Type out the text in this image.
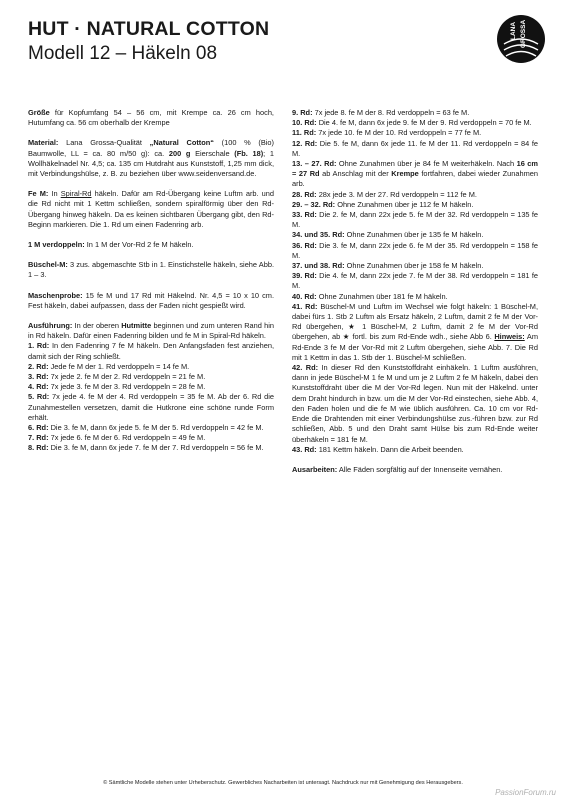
HUT · NATURAL COTTON
Modell 12 – Häkeln 08
LANA GROSSA

Größe für Kopfumfang 54 – 56 cm, mit Krempe ca. 26 cm hoch, Hutumfang ca. 56 cm oberhalb der Krempe

Material: Lana Grossa-Qualität „Natural Cotton“ (100 % (Bio) Baumwolle, LL = ca. 80 m/50 g): ca. 200 g Eierschale (Fb. 18); 1 Wollhäkelnadel Nr. 4,5; ca. 135 cm Hutdraht aus Kunststoff, 1,25 mm dick, mit Verbindungshülse, z. B. zu beziehen über www.seidenversand.de.

Fe M: In Spiral-Rd häkeln. Dafür am Rd-Übergang keine Luftm arb. und die Rd nicht mit 1 Kettm schließen, sondern spiralförmig über den Rd-Übergang hinweg häkeln. Da es keinen sichtbaren Übergang gibt, den Rd-Beginn markieren. Die 1. Rd um einen Fadenring arb.

1 M verdoppeln: In 1 M der Vor-Rd 2 fe M häkeln.

Büschel-M: 3 zus. abgemaschte Stb in 1. Einstichstelle häkeln, siehe Abb. 1 – 3.

Maschenprobe: 15 fe M und 17 Rd mit Häkelnd. Nr. 4,5 = 10 x 10 cm. Fest häkeln, dabei aufpassen, dass der Faden nicht gespießt wird.

Ausführung: In der oberen Hutmitte beginnen und zum unteren Rand hin in Rd häkeln. Dafür einen Fadenring bilden und fe M in Spiral-Rd häkeln.

1. Rd: In den Fadenring 7 fe M häkeln. Den Anfangsfaden fest anziehen, damit sich der Ring schließt.

2. Rd: Jede fe M der 1. Rd verdoppeln = 14 fe M.

3. Rd: 7x jede 2. fe M der 2. Rd verdoppeln = 21 fe M.

4. Rd: 7x jede 3. fe M der 3. Rd verdoppeln = 28 fe M.

5. Rd: 7x jede 4. fe M der 4. Rd verdoppeln = 35 fe M. Ab der 6. Rd die Zunahmestellen versetzen, damit die Hutkrone eine schöne runde Form erhält.

6. Rd: Die 3. fe M, dann 6x jede 5. fe M der 5. Rd verdoppeln = 42 fe M.

7. Rd: 7x jede 6. fe M der 6. Rd verdoppeln = 49 fe M.

8. Rd: Die 3. fe M, dann 6x jede 7. fe M der 7. Rd verdoppeln = 56 fe M.

9. Rd: 7x jede 8. fe M der 8. Rd verdoppeln = 63 fe M.

10. Rd: Die 4. fe M, dann 6x jede 9. fe M der 9. Rd verdoppeln = 70 fe M.

11. Rd: 7x jede 10. fe M der 10. Rd verdoppeln = 77 fe M.

12. Rd: Die 5. fe M, dann 6x jede 11. fe M der 11. Rd verdoppeln = 84 fe M.

13. – 27. Rd: Ohne Zunahmen über je 84 fe M weiterhäkeln. Nach 16 cm = 27 Rd ab Anschlag mit der Krempe fortfahren, dabei wieder Zunahmen arb.

28. Rd: 28x jede 3. M der 27. Rd verdoppeln = 112 fe M.

29. – 32. Rd: Ohne Zunahmen über je 112 fe M häkeln.

33. Rd: Die 2. fe M, dann 22x jede 5. fe M der 32. Rd verdoppeln = 135 fe M.

34. und 35. Rd: Ohne Zunahmen über je 135 fe M häkeln.

36. Rd: Die 3. fe M, dann 22x jede 6. fe M der 35. Rd verdoppeln = 158 fe M.

37. und 38. Rd: Ohne Zunahmen über je 158 fe M häkeln.

39. Rd: Die 4. fe M, dann 22x jede 7. fe M der 38. Rd verdoppeln = 181 fe M.

40. Rd: Ohne Zunahmen über 181 fe M häkeln.

41. Rd: Büschel-M und Luftm im Wechsel wie folgt häkeln: 1 Büschel-M, dabei fürs 1. Stb 2 Luftm als Ersatz häkeln, 2 Luftm, damit 2 fe M der Vor-Rd übergehen, ★ 1 Büschel-M, 2 Luftm, damit 2 fe M der Vor-Rd übergehen, ab ★ fortl. bis zum Rd-Ende wdh., siehe Abb 6. Hinweis: Am Rd-Ende 3 fe M der Vor-Rd mit 2 Luftm übergehen, siehe Abb. 7. Die Rd mit 1 Kettm in das 1. Stb der 1. Büschel-M schließen.

42. Rd: In dieser Rd den Kunststoffdraht einhäkeln. 1 Luftm ausführen, dann in jede Büschel-M 1 fe M und um je 2 Luftm 2 fe M häkeln, dabei den Kunststoffdraht über die M der Vor-Rd legen. Nun mit der Häkelnd. unter dem Draht hindurch in bzw. um die M der Vor-Rd einstechen, siehe Abb. 4, den Faden holen und die fe M wie üblich ausführen. Ca. 10 cm vor Rd-Ende die Drahtenden mit einer Verbindungshülse zus.-führen bzw. zur Rd schließen, Abb. 5 und den Draht samt Hülse bis zum Rd-Ende weiter überhäkeln = 181 fe M.

43. Rd: 181 Kettm häkeln. Dann die Arbeit beenden.

Ausarbeiten: Alle Fäden sorgfältig auf der Innenseite vernähen.

© Sämtliche Modelle stehen unter Urheberschutz. Gewerbliches Nacharbeiten ist untersagt. Nachdruck nur mit Genehmigung des Herausgebers.
PassionForum.ru
